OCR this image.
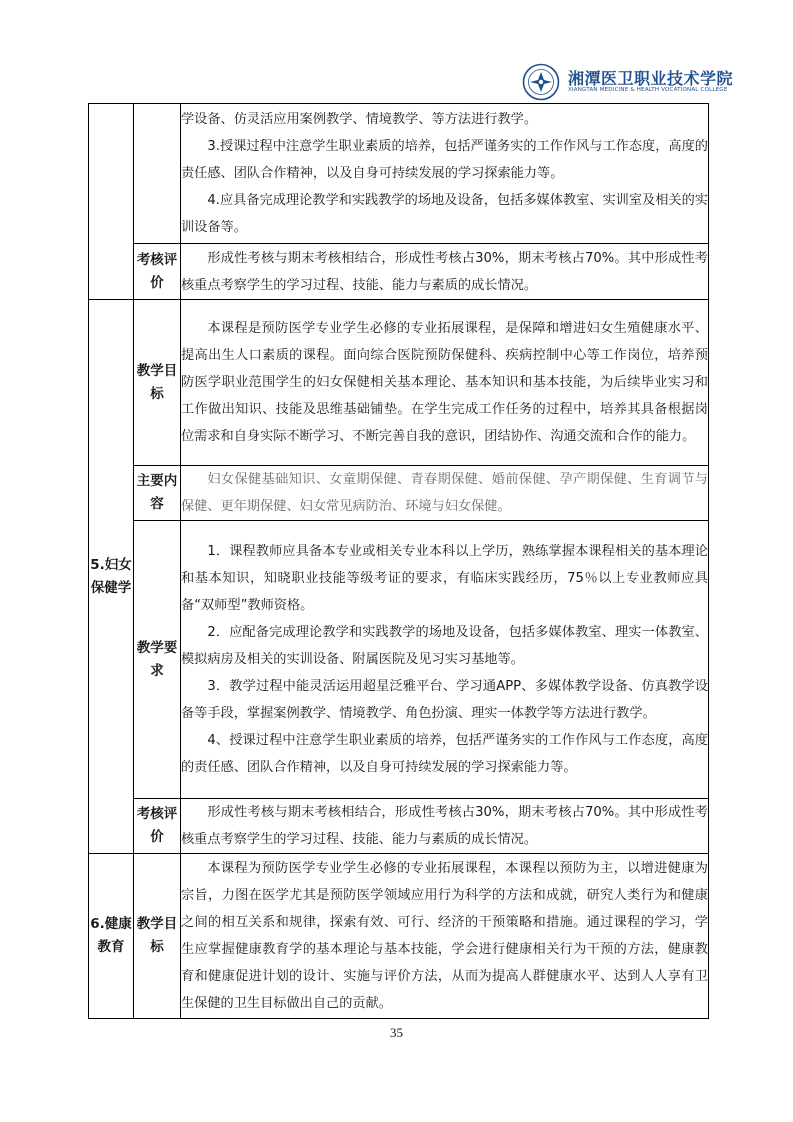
湘潭医卫职业技术学院
XIANGTAN MEDICINE & HEALTH VOCATIONAL COLLEGE

		学设备、仿灵活应用案例教学、情境教学、等方法进行教学。

3.授课过程中注意学生职业素质的培养，包括严谨务实的工作作风与工作态度，高度的责任感、团队合作精神，以及自身可持续发展的学习探索能力等。

4.应具备完成理论教学和实践教学的场地及设备，包括多媒体教室、实训室及相关的实训设备等。

	考核评价	形成性考核与期末考核相结合，形成性考核占30%，期末考核占70%。其中形成性考核重点考察学生的学习过程、技能、能力与素质的成长情况。

5.妇女保健学	教学目标	本课程是预防医学专业学生必修的专业拓展课程，是保障和增进妇女生殖健康水平、提高出生人口素质的课程。面向综合医院预防保健科、疾病控制中心等工作岗位，培养预防医学职业范围学生的妇女保健相关基本理论、基本知识和基本技能，为后续毕业实习和工作做出知识、技能及思维基础铺垫。在学生完成工作任务的过程中，培养其具备根据岗位需求和自身实际不断学习、不断完善自我的意识，团结协作、沟通交流和合作的能力。

	主要内容	妇女保健基础知识、女童期保健、青春期保健、婚前保健、孕产期保健、生育调节与保健、更年期保健、妇女常见病防治、环境与妇女保健。

	教学要求	1．课程教师应具备本专业或相关专业本科以上学历，熟练掌握本课程相关的基本理论和基本知识，知晓职业技能等级考证的要求，有临床实践经历，75％以上专业教师应具备“双师型”教师资格。

2．应配备完成理论教学和实践教学的场地及设备，包括多媒体教室、理实一体教室、模拟病房及相关的实训设备、附属医院及见习实习基地等。

3．教学过程中能灵活运用超星泛雅平台、学习通APP、多媒体教学设备、仿真教学设备等手段，掌握案例教学、情境教学、角色扮演、理实一体教学等方法进行教学。

4、授课过程中注意学生职业素质的培养，包括严谨务实的工作作风与工作态度，高度的责任感、团队合作精神，以及自身可持续发展的学习探索能力等。

	考核评价	形成性考核与期末考核相结合，形成性考核占30%，期末考核占70%。其中形成性考核重点考察学生的学习过程、技能、能力与素质的成长情况。

6.健康教育	教学目标	本课程为预防医学专业学生必修的专业拓展课程，本课程以预防为主，以增进健康为宗旨，力图在医学尤其是预防医学领域应用行为科学的方法和成就，研究人类行为和健康之间的相互关系和规律，探索有效、可行、经济的干预策略和措施。通过课程的学习，学生应掌握健康教育学的基本理论与基本技能，学会进行健康相关行为干预的方法，健康教育和健康促进计划的设计、实施与评价方法，从而为提高人群健康水平、达到人人享有卫生保健的卫生目标做出自己的贡献。

35
